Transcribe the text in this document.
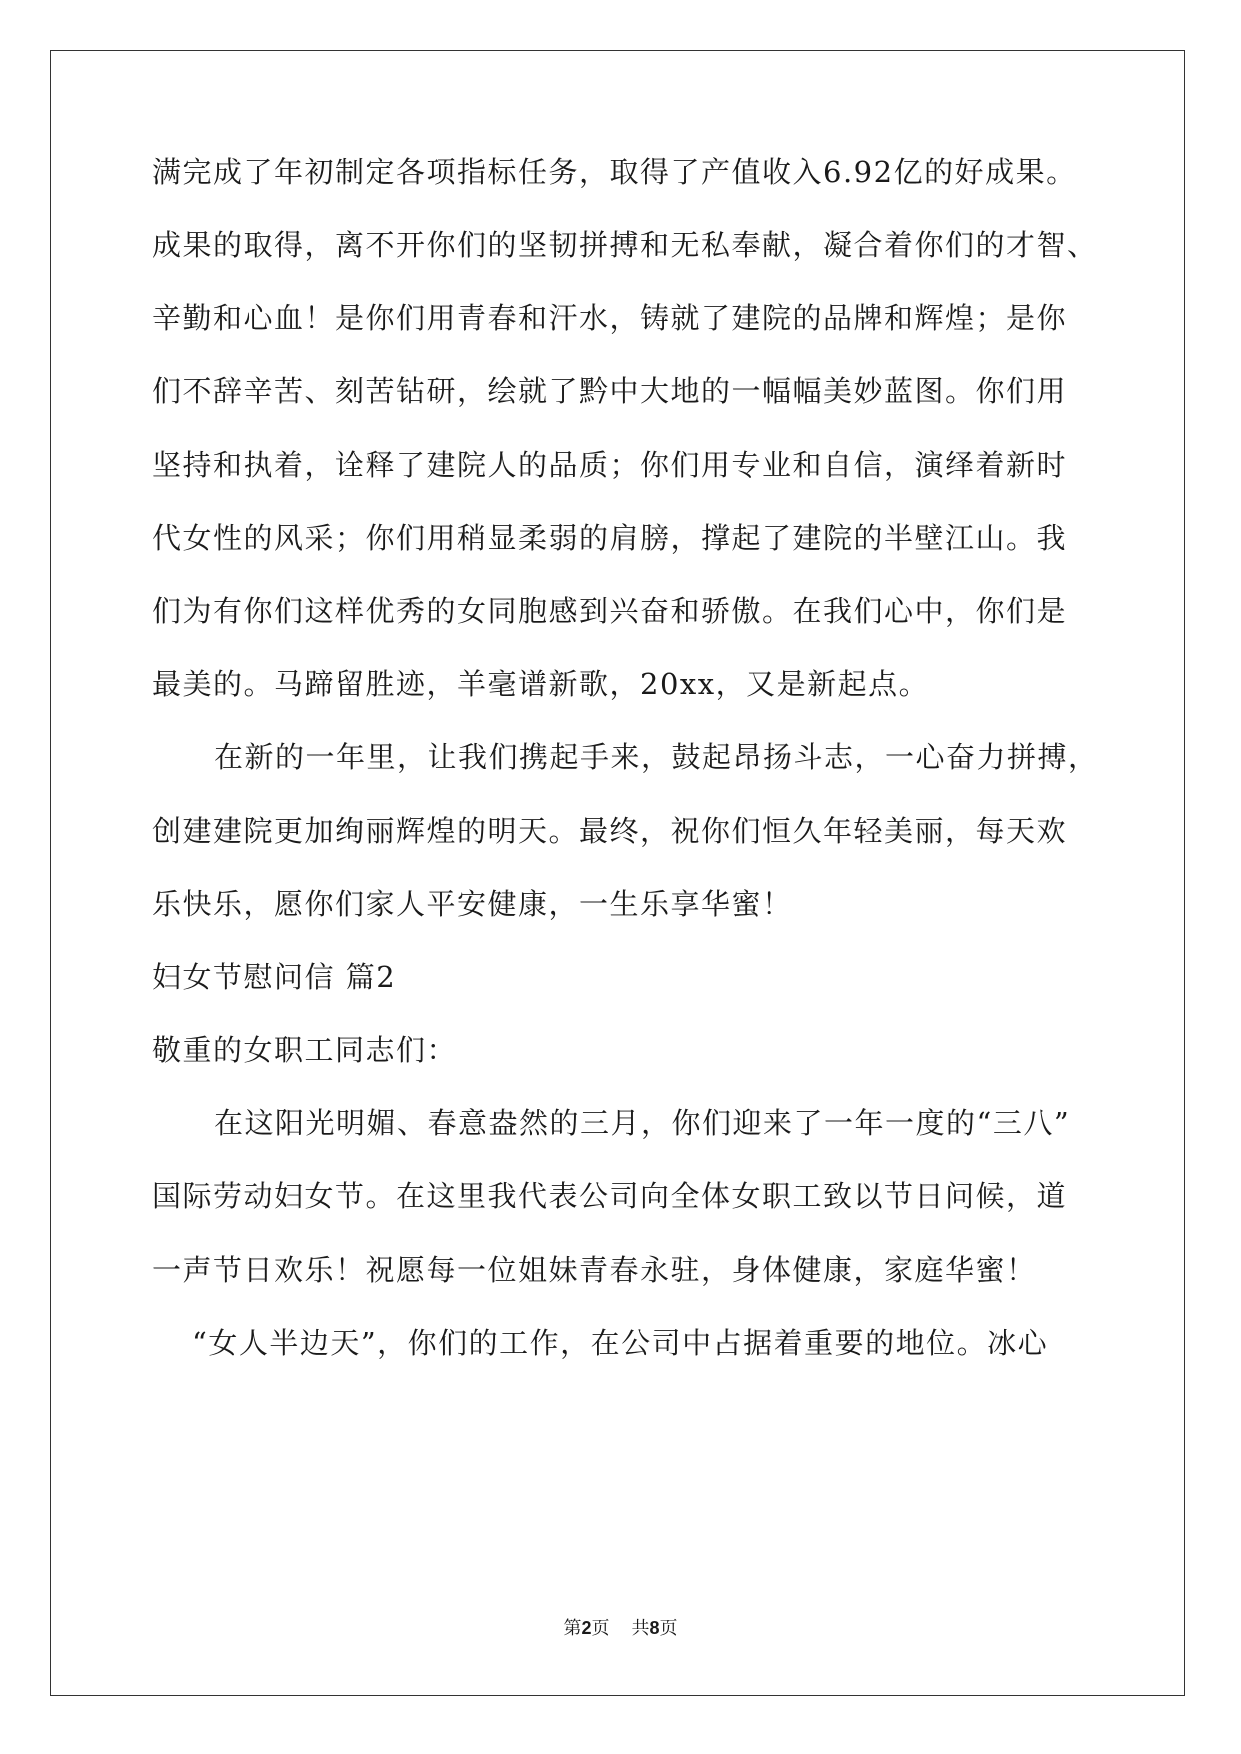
满完成了年初制定各项指标任务，取得了产值收入6.92亿的好成果。
成果的取得，离不开你们的坚韧拼搏和无私奉献，凝合着你们的才智、
辛勤和心血！是你们用青春和汗水，铸就了建院的品牌和辉煌；是你
们不辞辛苦、刻苦钻研，绘就了黔中大地的一幅幅美妙蓝图。你们用
坚持和执着，诠释了建院人的品质；你们用专业和自信，演绎着新时
代女性的风采；你们用稍显柔弱的肩膀，撑起了建院的半壁江山。我
们为有你们这样优秀的女同胞感到兴奋和骄傲。在我们心中，你们是
最美的。马蹄留胜迹，羊毫谱新歌，20xx，又是新起点。
在新的一年里，让我们携起手来，鼓起昂扬斗志，一心奋力拼搏，
创建建院更加绚丽辉煌的明天。最终，祝你们恒久年轻美丽，每天欢
乐快乐，愿你们家人平安健康，一生乐享华蜜！
妇女节慰问信 篇2
敬重的女职工同志们：
在这阳光明媚、春意盎然的三月，你们迎来了一年一度的“三八”
国际劳动妇女节。在这里我代表公司向全体女职工致以节日问候，道
一声节日欢乐！祝愿每一位姐妹青春永驻，身体健康，家庭华蜜！
“女人半边天”，你们的工作，在公司中占据着重要的地位。冰心
第2页 共8页
